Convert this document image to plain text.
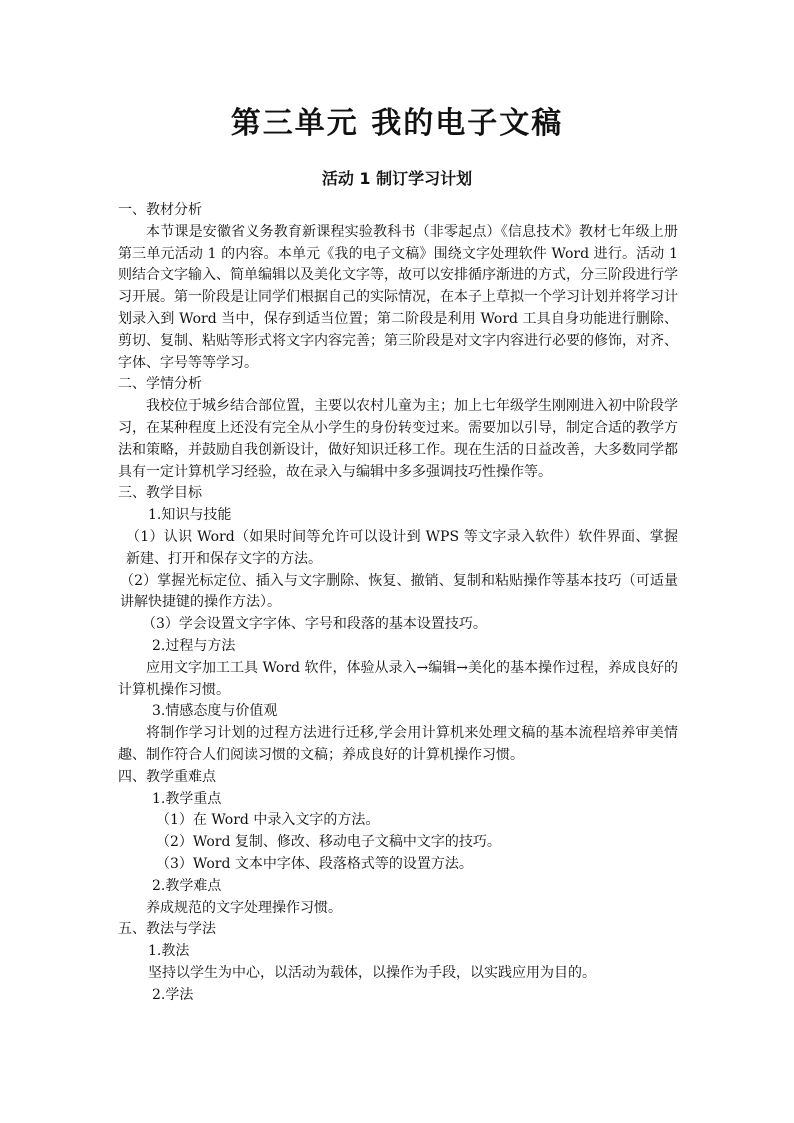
第三单元 我的电子文稿
活动 1 制订学习计划

一、教材分析

本节课是安徽省义务教育新课程实验教科书（非零起点）《信息技术》教材七年级上册第三单元活动 1 的内容。本单元《我的电子文稿》围绕文字处理软件 Word 进行。活动 1 则结合文字输入、简单编辑以及美化文字等，故可以安排循序渐进的方式，分三阶段进行学习开展。第一阶段是让同学们根据自己的实际情况，在本子上草拟一个学习计划并将学习计划录入到 Word 当中，保存到适当位置；第二阶段是利用 Word 工具自身功能进行删除、剪切、复制、粘贴等形式将文字内容完善；第三阶段是对文字内容进行必要的修饰，对齐、字体、字号等等学习。

二、学情分析

我校位于城乡结合部位置，主要以农村儿童为主；加上七年级学生刚刚进入初中阶段学习，在某种程度上还没有完全从小学生的身份转变过来。需要加以引导，制定合适的教学方法和策略，并鼓励自我创新设计，做好知识迁移工作。现在生活的日益改善，大多数同学都具有一定计算机学习经验，故在录入与编辑中多多强调技巧性操作等。

三、教学目标

1.知识与技能

（1）认识 Word（如果时间等允许可以设计到 WPS 等文字录入软件）软件界面、掌握新建、打开和保存文字的方法。

（2）掌握光标定位、插入与文字删除、恢复、撤销、复制和粘贴操作等基本技巧（可适量讲解快捷键的操作方法）。

（3）学会设置文字字体、字号和段落的基本设置技巧。

2.过程与方法

应用文字加工工具 Word 软件，体验从录入→编辑→美化的基本操作过程，养成良好的计算机操作习惯。

3.情感态度与价值观

将制作学习计划的过程方法进行迁移,学会用计算机来处理文稿的基本流程培养审美情趣、制作符合人们阅读习惯的文稿；养成良好的计算机操作习惯。

四、教学重难点

1.教学重点

（1）在 Word 中录入文字的方法。

（2）Word 复制、修改、移动电子文稿中文字的技巧。

（3）Word 文本中字体、段落格式等的设置方法。

2.教学难点

养成规范的文字处理操作习惯。

五、教法与学法

1.教法

坚持以学生为中心，以活动为载体，以操作为手段，以实践应用为目的。

2.学法
